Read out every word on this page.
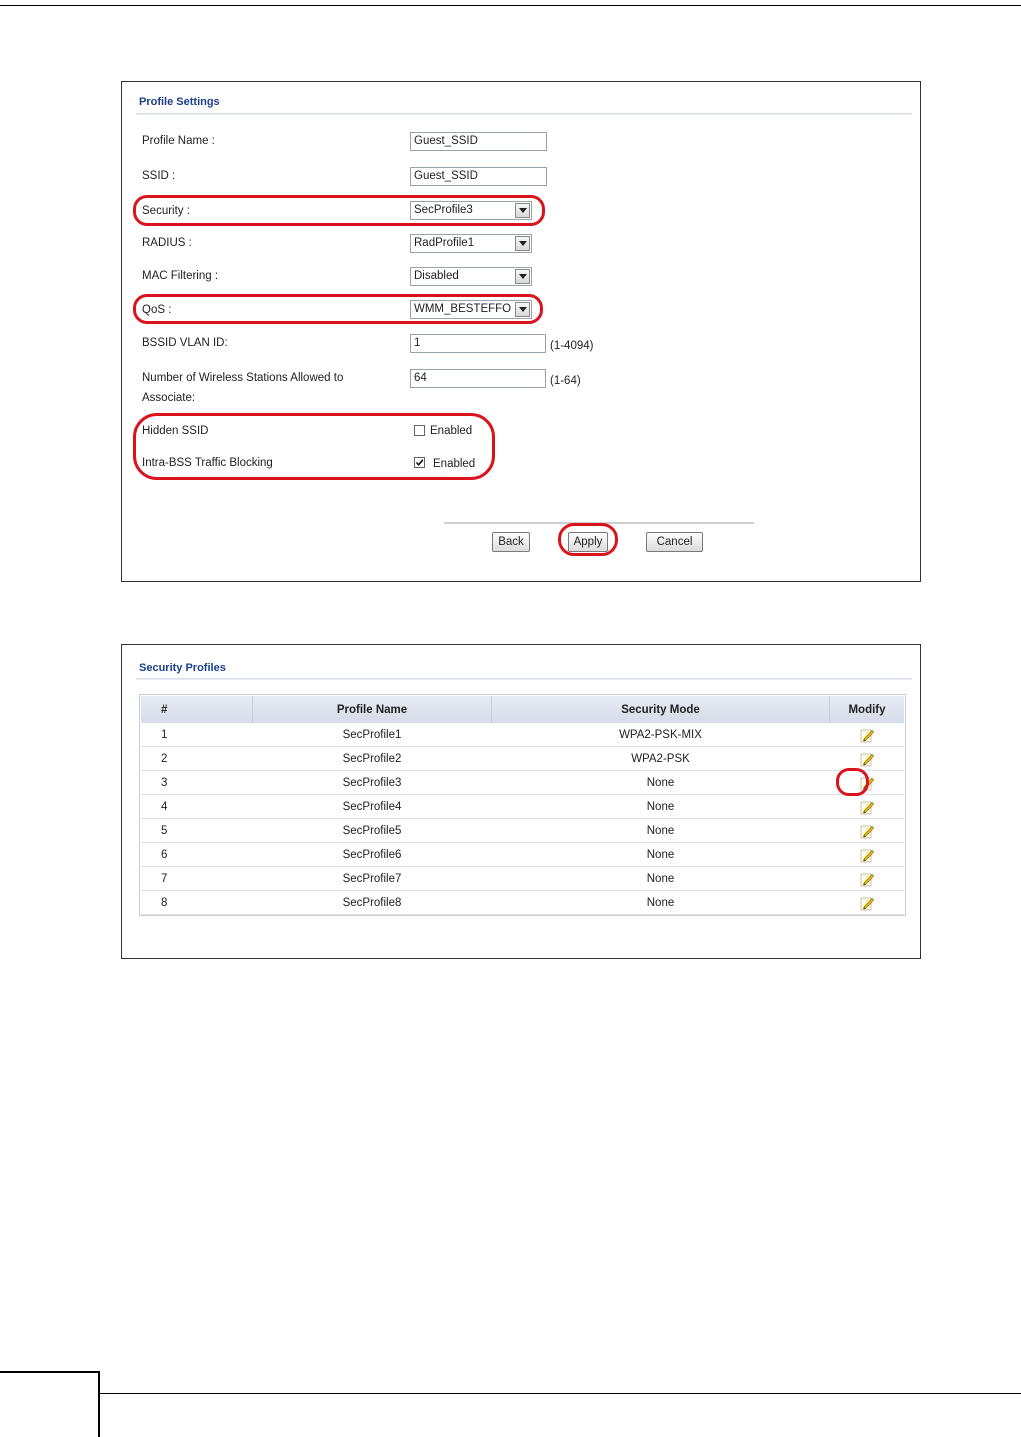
Profile Settings
Profile Name :	Guest_SSID
SSID :	Guest_SSID
Security :	SecProfile3
RADIUS :	RadProfile1
MAC Filtering :	Disabled
QoS :	WMM_BESTEFFO
BSSID VLAN ID:	1	(1-4094)
Number of Wireless Stations Allowed to
Associate:
64	(1-64)
Hidden SSID	Enabled
Intra-BSS Traffic Blocking	Enabled
Back	Apply	Cancel
Security Profiles
#	Profile Name	Security Mode	Modify
1	SecProfile1	WPA2-PSK-MIX	
2	SecProfile2	WPA2-PSK	
3	SecProfile3	None	
4	SecProfile4	None	
5	SecProfile5	None	
6	SecProfile6	None	
7	SecProfile7	None	
8	SecProfile8	None	
